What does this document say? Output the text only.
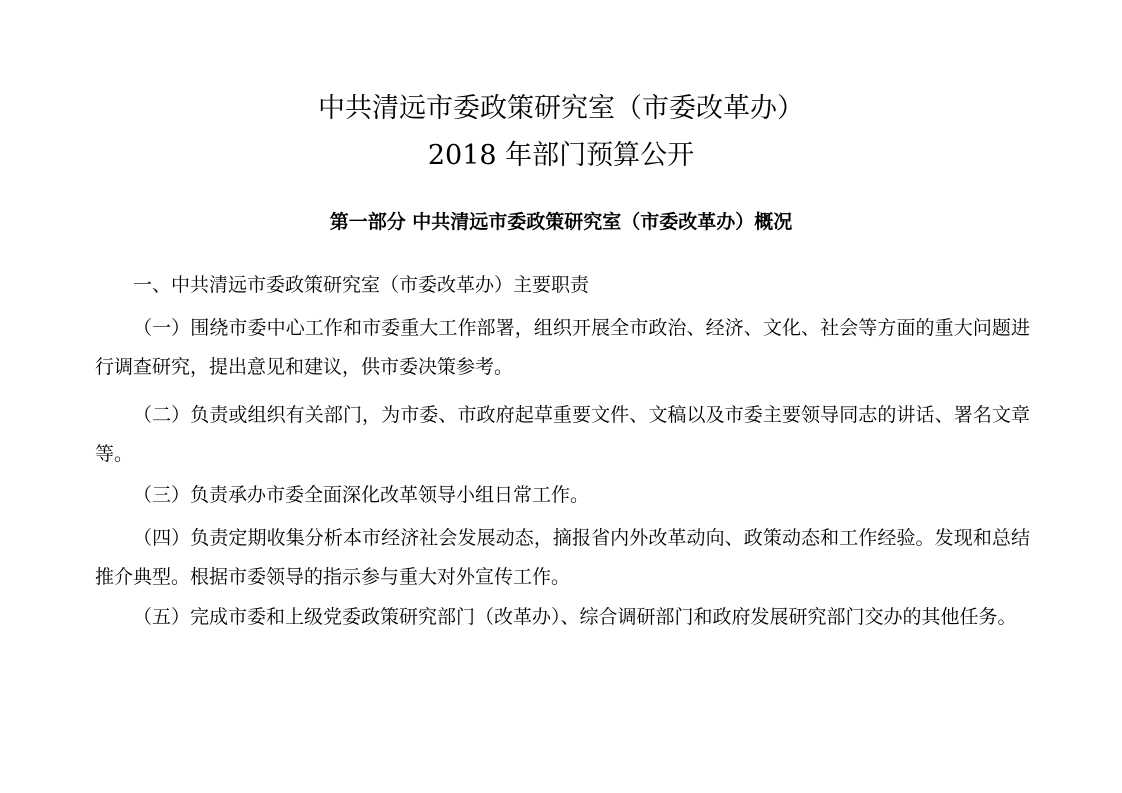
中共清远市委政策研究室（市委改革办）
2018 年部门预算公开
第一部分 中共清远市委政策研究室（市委改革办）概况
一、中共清远市委政策研究室（市委改革办）主要职责
（一）围绕市委中心工作和市委重大工作部署，组织开展全市政治、经济、文化、社会等方面的重大问题进行调查研究，提出意见和建议，供市委决策参考。
（二）负责或组织有关部门，为市委、市政府起草重要文件、文稿以及市委主要领导同志的讲话、署名文章等。
（三）负责承办市委全面深化改革领导小组日常工作。
（四）负责定期收集分析本市经济社会发展动态，摘报省内外改革动向、政策动态和工作经验。发现和总结推介典型。根据市委领导的指示参与重大对外宣传工作。
（五）完成市委和上级党委政策研究部门（改革办）、综合调研部门和政府发展研究部门交办的其他任务。
